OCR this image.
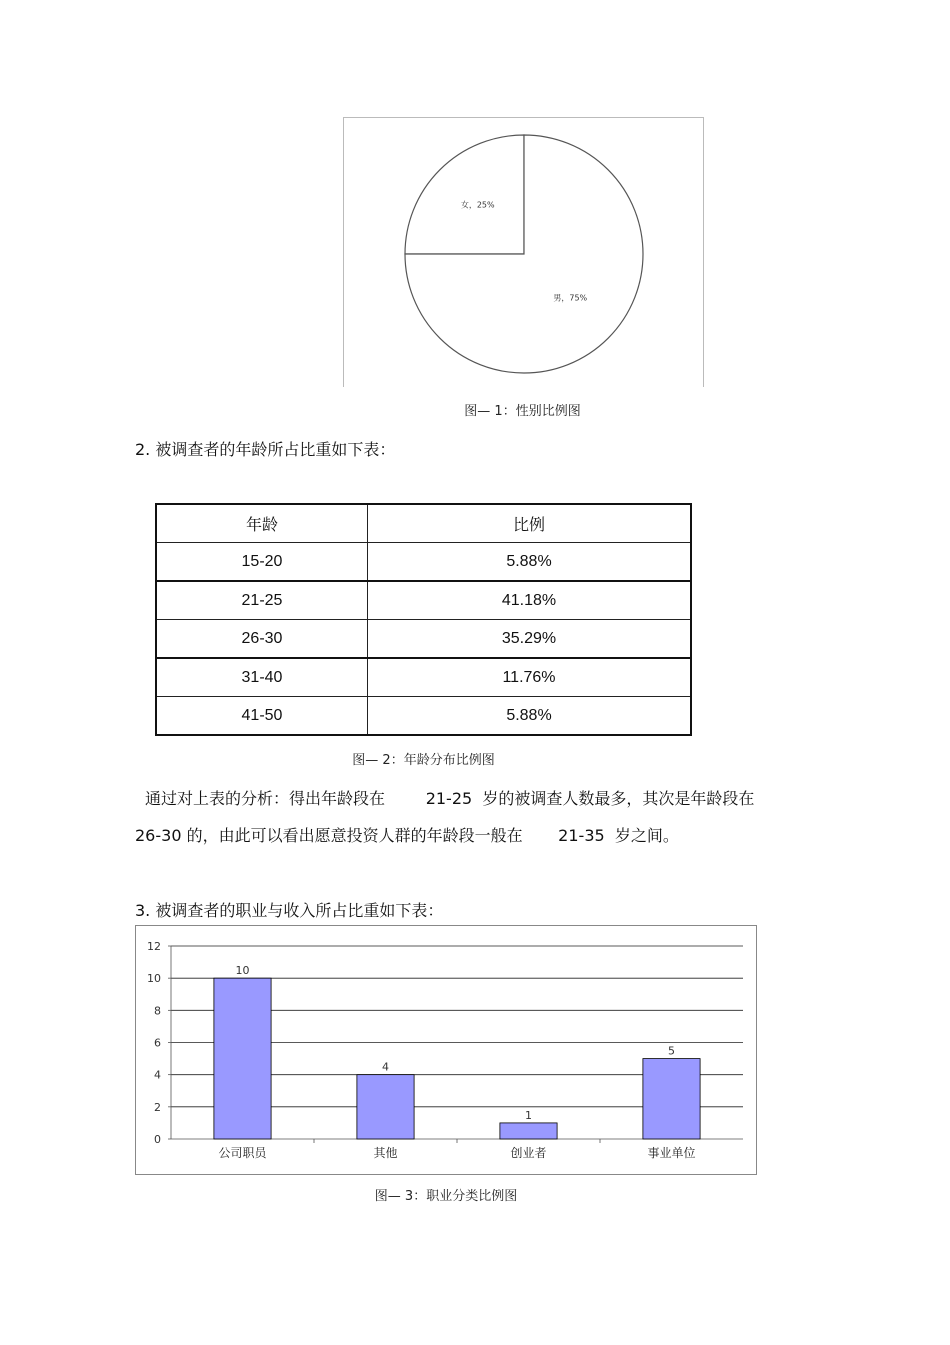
女，25%
男，75%
图— 1：性别比例图
2. 被调查者的年龄所占比重如下表：
年龄	比例
15-20	5.88%
21-25	41.18%
26-30	35.29%
31-40	11.76%
41-50	5.88%
图— 2：年龄分布比例图
通过对上表的分析：得出年龄段在        21-25  岁的被调查人数最多，其次是年龄段在
26-30 的，由此可以看出愿意投资人群的年龄段一般在       21-35  岁之间。
3. 被调查者的职业与收入所占比重如下表：
0
2
4
6
8
10
12
10
公司职员
4
其他
1
创业者
5
事业单位
图— 3：职业分类比例图
